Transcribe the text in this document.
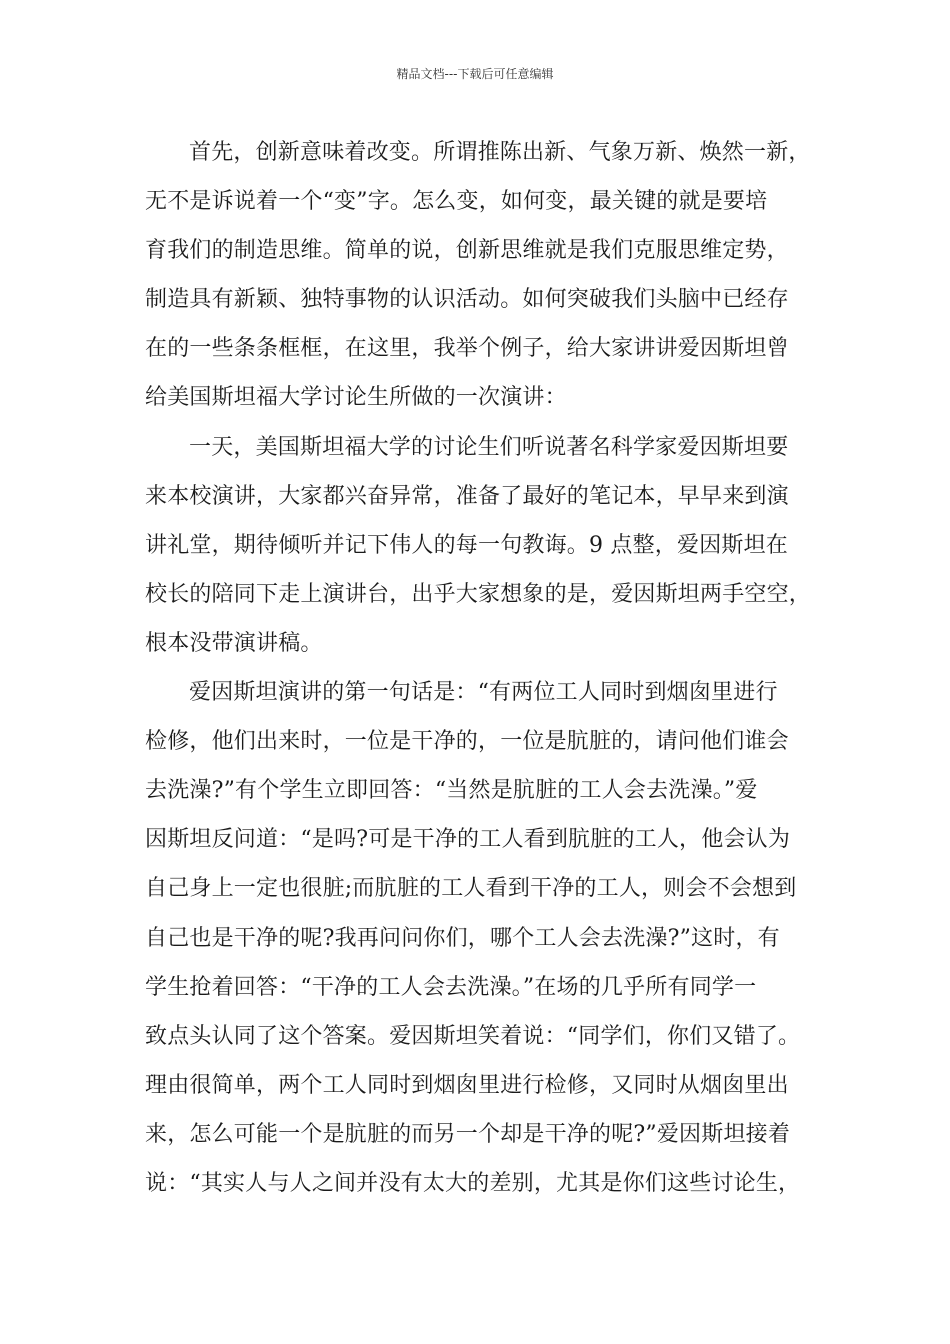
精品文档---下载后可任意编辑
首先，创新意味着改变。所谓推陈出新、气象万新、焕然一新，
无不是诉说着一个“变”字。怎么变，如何变，最关键的就是要培
育我们的制造思维。简单的说，创新思维就是我们克服思维定势，
制造具有新颖、独特事物的认识活动。如何突破我们头脑中已经存
在的一些条条框框，在这里，我举个例子，给大家讲讲爱因斯坦曾
给美国斯坦福大学讨论生所做的一次演讲：
一天，美国斯坦福大学的讨论生们听说著名科学家爱因斯坦要
来本校演讲，大家都兴奋异常，准备了最好的笔记本，早早来到演
讲礼堂，期待倾听并记下伟人的每一句教诲。9 点整，爱因斯坦在
校长的陪同下走上演讲台，出乎大家想象的是，爱因斯坦两手空空，
根本没带演讲稿。
爱因斯坦演讲的第一句话是：“有两位工人同时到烟囱里进行
检修，他们出来时，一位是干净的，一位是肮脏的，请问他们谁会
去洗澡?”有个学生立即回答：“当然是肮脏的工人会去洗澡。”爱
因斯坦反问道：“是吗?可是干净的工人看到肮脏的工人，他会认为
自己身上一定也很脏;而肮脏的工人看到干净的工人，则会不会想到
自己也是干净的呢?我再问问你们，哪个工人会去洗澡?”这时，有
学生抢着回答：“干净的工人会去洗澡。”在场的几乎所有同学一
致点头认同了这个答案。爱因斯坦笑着说：“同学们，你们又错了。
理由很简单，两个工人同时到烟囱里进行检修，又同时从烟囱里出
来，怎么可能一个是肮脏的而另一个却是干净的呢?”爱因斯坦接着
说：“其实人与人之间并没有太大的差别，尤其是你们这些讨论生，
